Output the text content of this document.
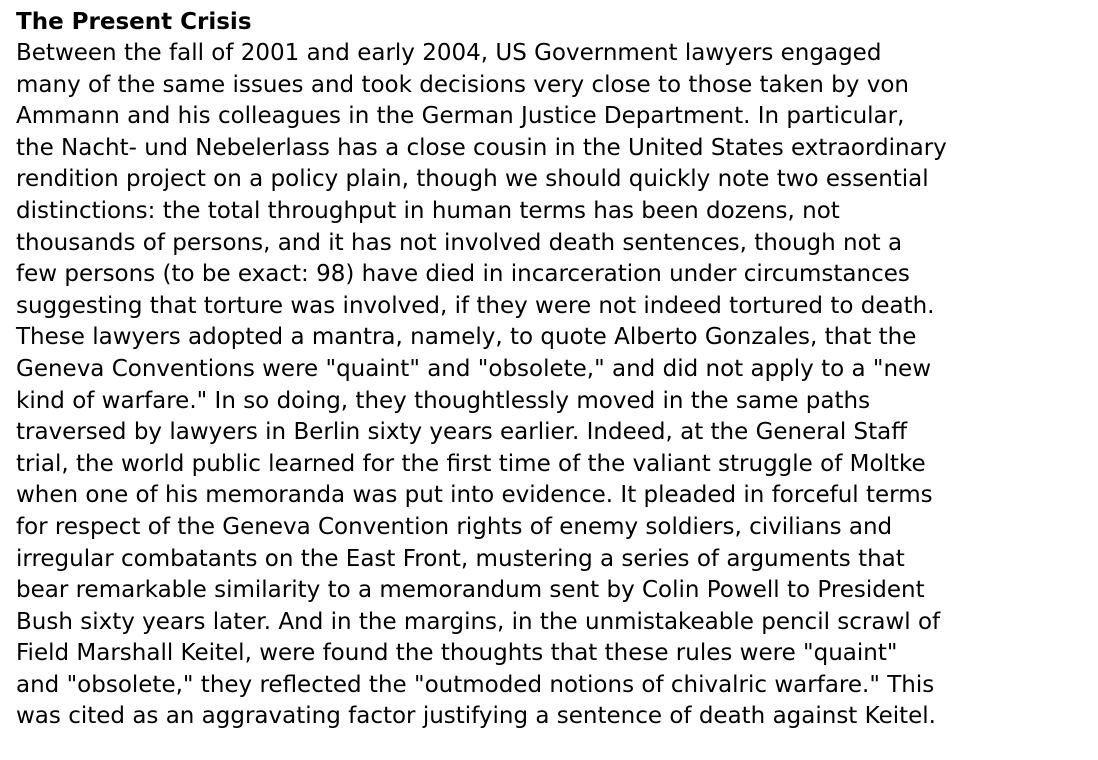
The Present Crisis
Between the fall of 2001 and early 2004, US Government lawyers engaged
many of the same issues and took decisions very close to those taken by von
Ammann and his colleagues in the German Justice Department. In particular,
the Nacht- und Nebelerlass has a close cousin in the United States extraordinary
rendition project on a policy plain, though we should quickly note two essential
distinctions: the total throughput in human terms has been dozens, not
thousands of persons, and it has not involved death sentences, though not a
few persons (to be exact: 98) have died in incarceration under circumstances
suggesting that torture was involved, if they were not indeed tortured to death.
These lawyers adopted a mantra, namely, to quote Alberto Gonzales, that the
Geneva Conventions were "quaint" and "obsolete," and did not apply to a "new
kind of warfare." In so doing, they thoughtlessly moved in the same paths
traversed by lawyers in Berlin sixty years earlier. Indeed, at the General Staff
trial, the world public learned for the first time of the valiant struggle of Moltke
when one of his memoranda was put into evidence. It pleaded in forceful terms
for respect of the Geneva Convention rights of enemy soldiers, civilians and
irregular combatants on the East Front, mustering a series of arguments that
bear remarkable similarity to a memorandum sent by Colin Powell to President
Bush sixty years later. And in the margins, in the unmistakeable pencil scrawl of
Field Marshall Keitel, were found the thoughts that these rules were "quaint"
and "obsolete," they reflected the "outmoded notions of chivalric warfare." This
was cited as an aggravating factor justifying a sentence of death against Keitel.
